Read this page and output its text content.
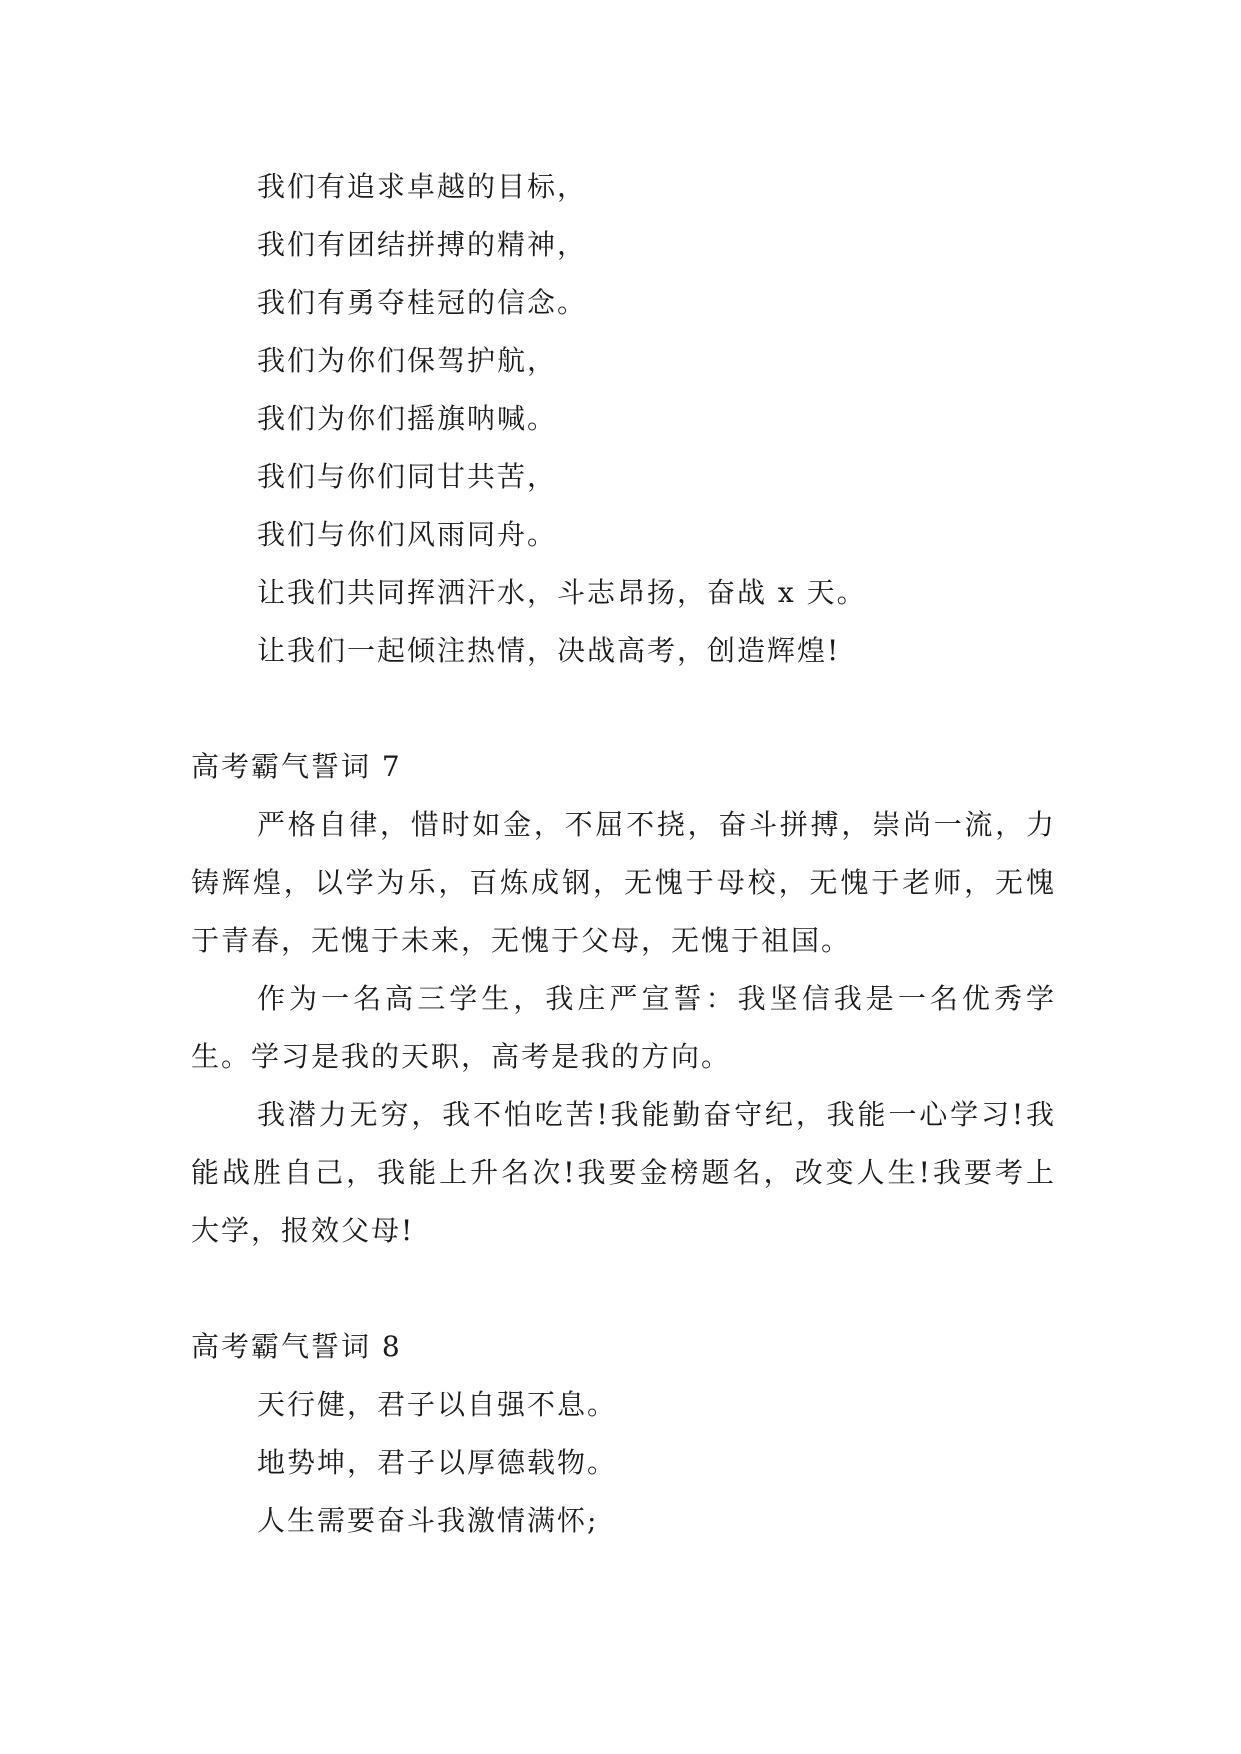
我们有追求卓越的目标，
我们有团结拼搏的精神，
我们有勇夺桂冠的信念。
我们为你们保驾护航，
我们为你们摇旗呐喊。
我们与你们同甘共苦，
我们与你们风雨同舟。
让我们共同挥洒汗水，斗志昂扬，奋战 x 天。
让我们一起倾注热情，决战高考，创造辉煌!
高考霸气誓词 7
严格自律，惜时如金，不屈不挠，奋斗拼搏，崇尚一流，力铸辉煌，以学为乐，百炼成钢，无愧于母校，无愧于老师，无愧于青春，无愧于未来，无愧于父母，无愧于祖国。
作为一名高三学生，我庄严宣誓：我坚信我是一名优秀学生。学习是我的天职，高考是我的方向。
我潜力无穷，我不怕吃苦!我能勤奋守纪，我能一心学习!我能战胜自己，我能上升名次!我要金榜题名，改变人生!我要考上大学，报效父母!
高考霸气誓词 8
天行健，君子以自强不息。
地势坤，君子以厚德载物。
人生需要奋斗我激情满怀;
